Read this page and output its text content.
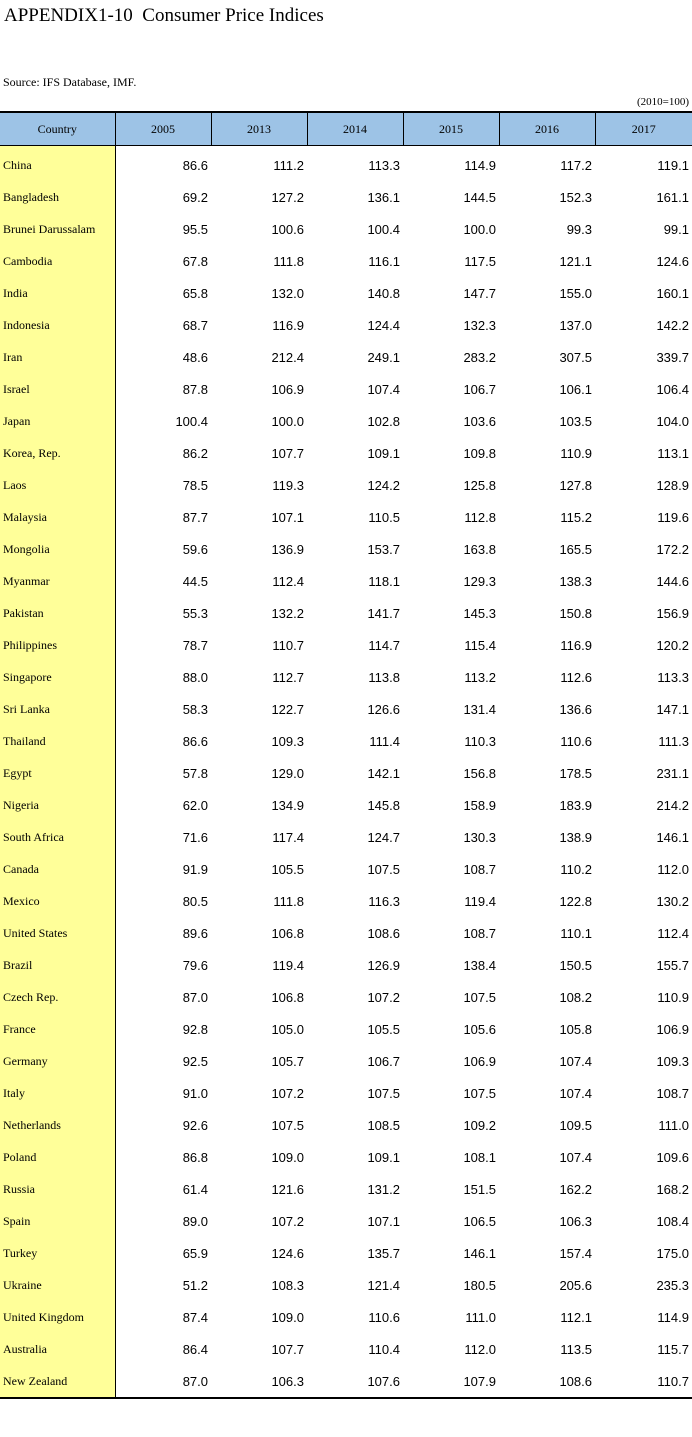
APPENDIX1-10  Consumer Price Indices
Source: IFS Database, IMF.
(2010=100)
Country	2005	2013	2014	2015	2016	2017
China	86.6	111.2	113.3	114.9	117.2	119.1
Bangladesh	69.2	127.2	136.1	144.5	152.3	161.1
Brunei Darussalam	95.5	100.6	100.4	100.0	99.3	99.1
Cambodia	67.8	111.8	116.1	117.5	121.1	124.6
India	65.8	132.0	140.8	147.7	155.0	160.1
Indonesia	68.7	116.9	124.4	132.3	137.0	142.2
Iran	48.6	212.4	249.1	283.2	307.5	339.7
Israel	87.8	106.9	107.4	106.7	106.1	106.4
Japan	100.4	100.0	102.8	103.6	103.5	104.0
Korea, Rep.	86.2	107.7	109.1	109.8	110.9	113.1
Laos	78.5	119.3	124.2	125.8	127.8	128.9
Malaysia	87.7	107.1	110.5	112.8	115.2	119.6
Mongolia	59.6	136.9	153.7	163.8	165.5	172.2
Myanmar	44.5	112.4	118.1	129.3	138.3	144.6
Pakistan	55.3	132.2	141.7	145.3	150.8	156.9
Philippines	78.7	110.7	114.7	115.4	116.9	120.2
Singapore	88.0	112.7	113.8	113.2	112.6	113.3
Sri Lanka	58.3	122.7	126.6	131.4	136.6	147.1
Thailand	86.6	109.3	111.4	110.3	110.6	111.3
Egypt	57.8	129.0	142.1	156.8	178.5	231.1
Nigeria	62.0	134.9	145.8	158.9	183.9	214.2
South Africa	71.6	117.4	124.7	130.3	138.9	146.1
Canada	91.9	105.5	107.5	108.7	110.2	112.0
Mexico	80.5	111.8	116.3	119.4	122.8	130.2
United States	89.6	106.8	108.6	108.7	110.1	112.4
Brazil	79.6	119.4	126.9	138.4	150.5	155.7
Czech Rep.	87.0	106.8	107.2	107.5	108.2	110.9
France	92.8	105.0	105.5	105.6	105.8	106.9
Germany	92.5	105.7	106.7	106.9	107.4	109.3
Italy	91.0	107.2	107.5	107.5	107.4	108.7
Netherlands	92.6	107.5	108.5	109.2	109.5	111.0
Poland	86.8	109.0	109.1	108.1	107.4	109.6
Russia	61.4	121.6	131.2	151.5	162.2	168.2
Spain	89.0	107.2	107.1	106.5	106.3	108.4
Turkey	65.9	124.6	135.7	146.1	157.4	175.0
Ukraine	51.2	108.3	121.4	180.5	205.6	235.3
United Kingdom	87.4	109.0	110.6	111.0	112.1	114.9
Australia	86.4	107.7	110.4	112.0	113.5	115.7
New Zealand	87.0	106.3	107.6	107.9	108.6	110.7
